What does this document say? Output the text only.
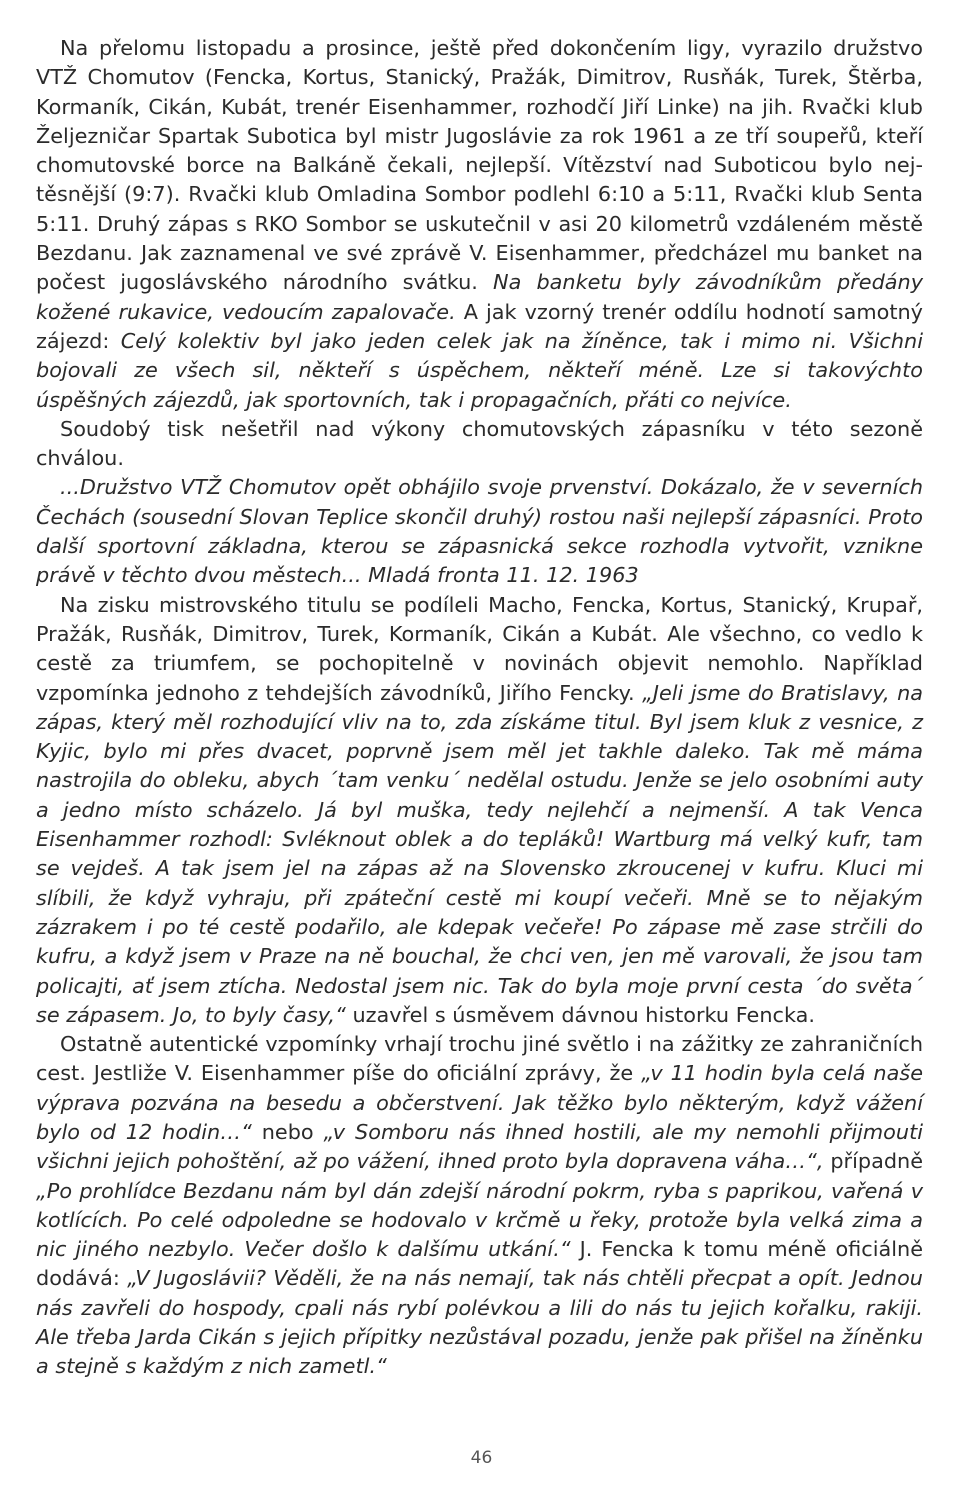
Na přelomu listopadu a prosince, ještě před dokončením ligy, vyrazilo družstvo VTŽ Chomutov (Fencka, Kortus, Stanický, Pražák, Dimitrov, Rusňák, Turek, Štěrba, Kormaník, Cikán, Kubát, trenér Eisenhammer, rozhodčí Jiří Linke) na jih. Rvački klub Željezničar Spartak Subotica byl mistr Jugoslávie za rok 1961 a ze tří soupeřů, kteří chomutovské borce na Balkáně čekali, nejlepší. Vítězství nad Suboticou bylo nejtěsnější (9:7). Rvački klub Omladina Sombor podlehl 6:10 a 5:11, Rvački klub Senta 5:11. Druhý zápas s RKO Sombor se uskutečnil v asi 20 kilometrů vzdáleném městě Bezdanu. Jak zaznamenal ve své zprávě V. Eisenhammer, předcházel mu banket na počest jugoslávského národního svátku. Na banketu byly závodníkům předány kožené rukavice, vedoucím zapalovače. A jak vzorný trenér oddílu hodnotí samotný zájezd: Celý kolektiv byl jako jeden celek jak na žíněnce, tak i mimo ni. Všichni bojovali ze všech sil, někteří s úspěchem, někteří méně. Lze si takovýchto úspěšných zájezdů, jak sportovních, tak i propagačních, přáti co nejvíce.

Soudobý tisk nešetřil nad výkony chomutovských zápasníku v této sezoně chválou.

...Družstvo VTŽ Chomutov opět obhájilo svoje prvenství. Dokázalo, že v severních Čechách (sousední Slovan Teplice skončil druhý) rostou naši nejlepší zápasníci. Proto další sportovní základna, kterou se zápasnická sekce rozhodla vytvořit, vznikne právě v těchto dvou městech... Mladá fronta 11. 12. 1963

Na zisku mistrovského titulu se podíleli Macho, Fencka, Kortus, Stanický, Krupař, Pražák, Rusňák, Dimitrov, Turek, Kormaník, Cikán a Kubát. Ale všechno, co vedlo k cestě za triumfem, se pochopitelně v novinách objevit nemohlo. Například vzpomínka jednoho z tehdejších závodníků, Jiřího Fencky. „Jeli jsme do Bratislavy, na zápas, který měl rozhodující vliv na to, zda získáme titul. Byl jsem kluk z vesnice, z Kyjic, bylo mi přes dvacet, poprvně jsem měl jet takhle daleko. Tak mě máma nastrojila do obleku, abych ´tam venku´ nedělal ostudu. Jenže se jelo osobními auty a jedno místo scházelo. Já byl muška, tedy nejlehčí a nejmenší. A tak Venca Eisenhammer rozhodl: Svléknout oblek a do tepláků! Wartburg má velký kufr, tam se vejdeš. A tak jsem jel na zápas až na Slovensko zkroucenej v kufru. Kluci mi slíbili, že když vyhraju, při zpáteční cestě mi koupí večeři. Mně se to nějakým zázrakem i po té cestě podařilo, ale kdepak večeře! Po zápase mě zase strčili do kufru, a když jsem v Praze na ně bouchal, že chci ven, jen mě varovali, že jsou tam policajti, ať jsem ztícha. Nedostal jsem nic. Tak do byla moje první cesta ´do světa´ se zápasem. Jo, to byly časy,“ uzavřel s úsměvem dávnou historku Fencka.

Ostatně autentické vzpomínky vrhají trochu jiné světlo i na zážitky ze zahraničních cest. Jestliže V. Eisenhammer píše do oficiální zprávy, že „v 11 hodin byla celá naše výprava pozvána na besedu a občerstvení. Jak těžko bylo některým, když vážení bylo od 12 hodin…“ nebo „v Somboru nás ihned hostili, ale my nemohli přijmouti všichni jejich pohoštění, až po vážení, ihned proto byla dopravena váha…“, případně „Po prohlídce Bezdanu nám byl dán zdejší národní pokrm, ryba s paprikou, vařená v kotlících. Po celé odpoledne se hodovalo v krčmě u řeky, protože byla velká zima a nic jiného nezbylo. Večer došlo k dalšímu utkání.“ J. Fencka k tomu méně oficiálně dodává: „V Jugoslávii? Věděli, že na nás nemají, tak nás chtěli přecpat a opít. Jednou nás zavřeli do hospody, cpali nás rybí polévkou a lili do nás tu jejich kořalku, rakiji. Ale třeba Jarda Cikán s jejich přípitky nezůstával pozadu, jenže pak přišel na žíněnku a stejně s každým z nich zametl.“

46
